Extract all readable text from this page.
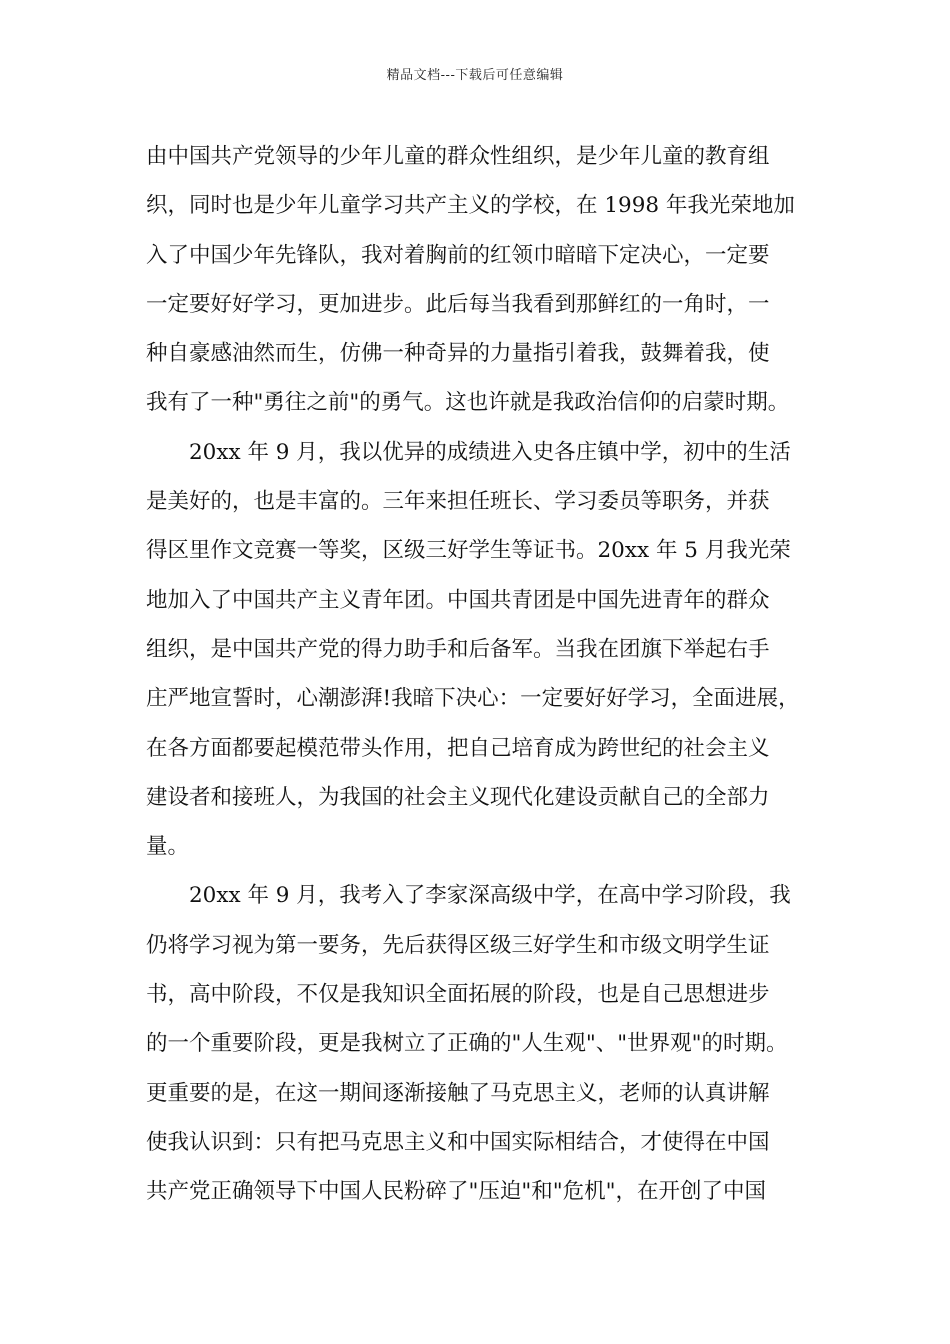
精品文档---下载后可任意编辑
由中国共产党领导的少年儿童的群众性组织，是少年儿童的教育组
织，同时也是少年儿童学习共产主义的学校，在 1998 年我光荣地加
入了中国少年先锋队，我对着胸前的红领巾暗暗下定决心，一定要
一定要好好学习，更加进步。此后每当我看到那鲜红的一角时，一
种自豪感油然而生，仿佛一种奇异的力量指引着我，鼓舞着我，使
我有了一种"勇往之前"的勇气。这也许就是我政治信仰的启蒙时期。
20xx 年 9 月，我以优异的成绩进入史各庄镇中学，初中的生活
是美好的，也是丰富的。三年来担任班长、学习委员等职务，并获
得区里作文竞赛一等奖，区级三好学生等证书。20xx 年 5 月我光荣
地加入了中国共产主义青年团。中国共青团是中国先进青年的群众
组织，是中国共产党的得力助手和后备军。当我在团旗下举起右手
庄严地宣誓时，心潮澎湃!我暗下决心：一定要好好学习，全面进展，
在各方面都要起模范带头作用，把自己培育成为跨世纪的社会主义
建设者和接班人，为我国的社会主义现代化建设贡献自己的全部力
量。
20xx 年 9 月，我考入了李家深高级中学，在高中学习阶段，我
仍将学习视为第一要务，先后获得区级三好学生和市级文明学生证
书，高中阶段，不仅是我知识全面拓展的阶段，也是自己思想进步
的一个重要阶段，更是我树立了正确的"人生观"、"世界观"的时期。
更重要的是，在这一期间逐渐接触了马克思主义，老师的认真讲解
使我认识到：只有把马克思主义和中国实际相结合，才使得在中国
共产党正确领导下中国人民粉碎了"压迫"和"危机"，在开创了中国
